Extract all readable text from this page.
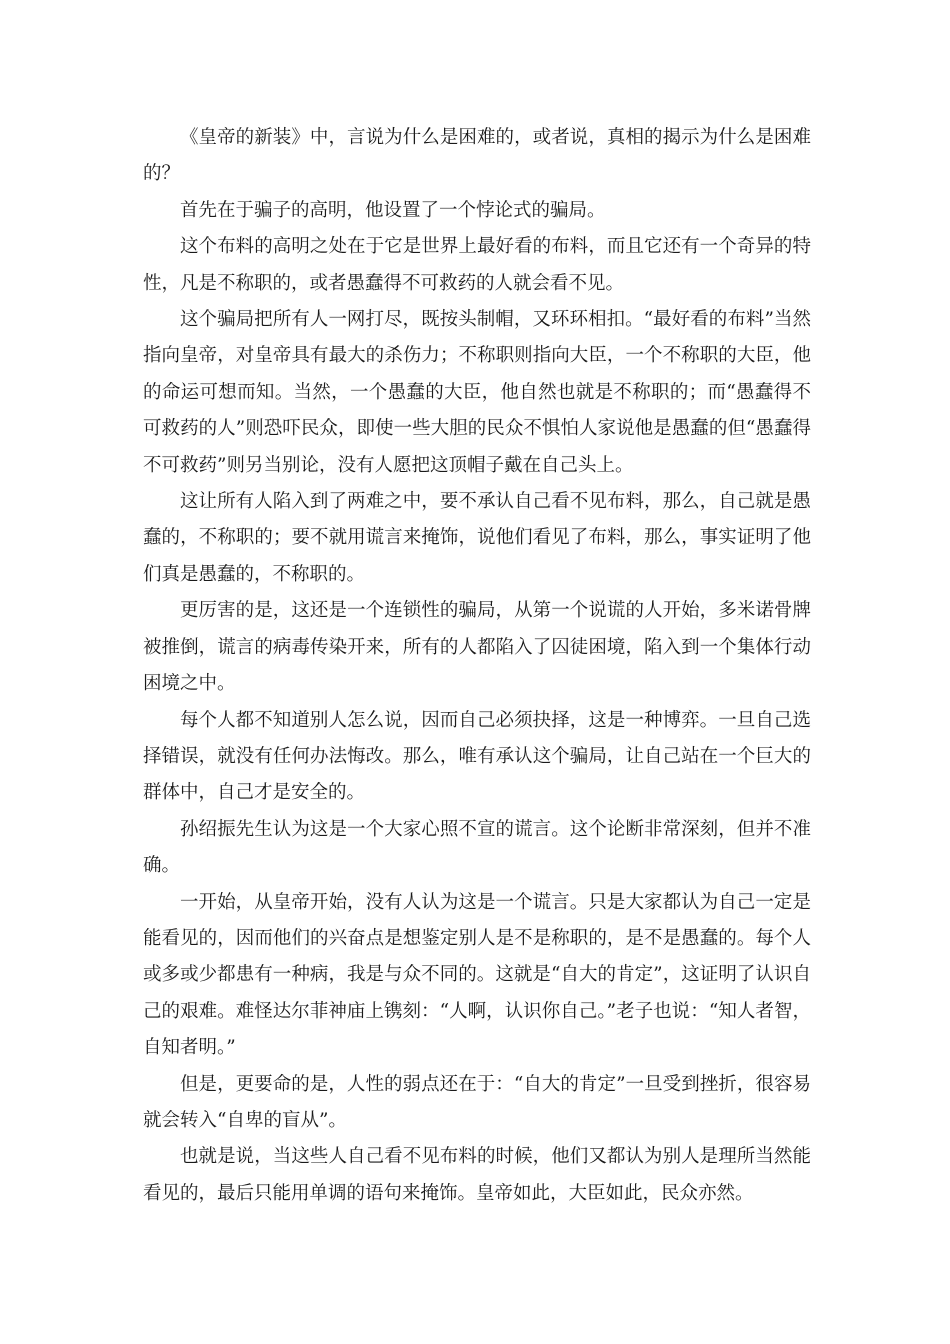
《皇帝的新装》中，言说为什么是困难的，或者说，真相的揭示为什么是困难的？

首先在于骗子的高明，他设置了一个悖论式的骗局。

这个布料的高明之处在于它是世界上最好看的布料，而且它还有一个奇异的特性，凡是不称职的，或者愚蠢得不可救药的人就会看不见。

这个骗局把所有人一网打尽，既按头制帽，又环环相扣。“最好看的布料”当然指向皇帝，对皇帝具有最大的杀伤力；不称职则指向大臣，一个不称职的大臣，他的命运可想而知。当然，一个愚蠢的大臣，他自然也就是不称职的；而“愚蠢得不可救药的人”则恐吓民众，即使一些大胆的民众不惧怕人家说他是愚蠢的但“愚蠢得不可救药”则另当别论，没有人愿把这顶帽子戴在自己头上。

这让所有人陷入到了两难之中，要不承认自己看不见布料，那么，自己就是愚蠢的，不称职的；要不就用谎言来掩饰，说他们看见了布料，那么，事实证明了他们真是愚蠢的，不称职的。

更厉害的是，这还是一个连锁性的骗局，从第一个说谎的人开始，多米诺骨牌被推倒，谎言的病毒传染开来，所有的人都陷入了囚徒困境，陷入到一个集体行动困境之中。

每个人都不知道别人怎么说，因而自己必须抉择，这是一种博弈。一旦自己选择错误，就没有任何办法悔改。那么，唯有承认这个骗局，让自己站在一个巨大的群体中，自己才是安全的。

孙绍振先生认为这是一个大家心照不宣的谎言。这个论断非常深刻，但并不准确。

一开始，从皇帝开始，没有人认为这是一个谎言。只是大家都认为自己一定是能看见的，因而他们的兴奋点是想鉴定别人是不是称职的，是不是愚蠢的。每个人或多或少都患有一种病，我是与众不同的。这就是“自大的肯定”，这证明了认识自己的艰难。难怪达尔菲神庙上镌刻：“人啊，认识你自己。”老子也说：“知人者智，自知者明。”

但是，更要命的是，人性的弱点还在于：“自大的肯定”一旦受到挫折，很容易就会转入“自卑的盲从”。

也就是说，当这些人自己看不见布料的时候，他们又都认为别人是理所当然能看见的，最后只能用单调的语句来掩饰。皇帝如此，大臣如此，民众亦然。
